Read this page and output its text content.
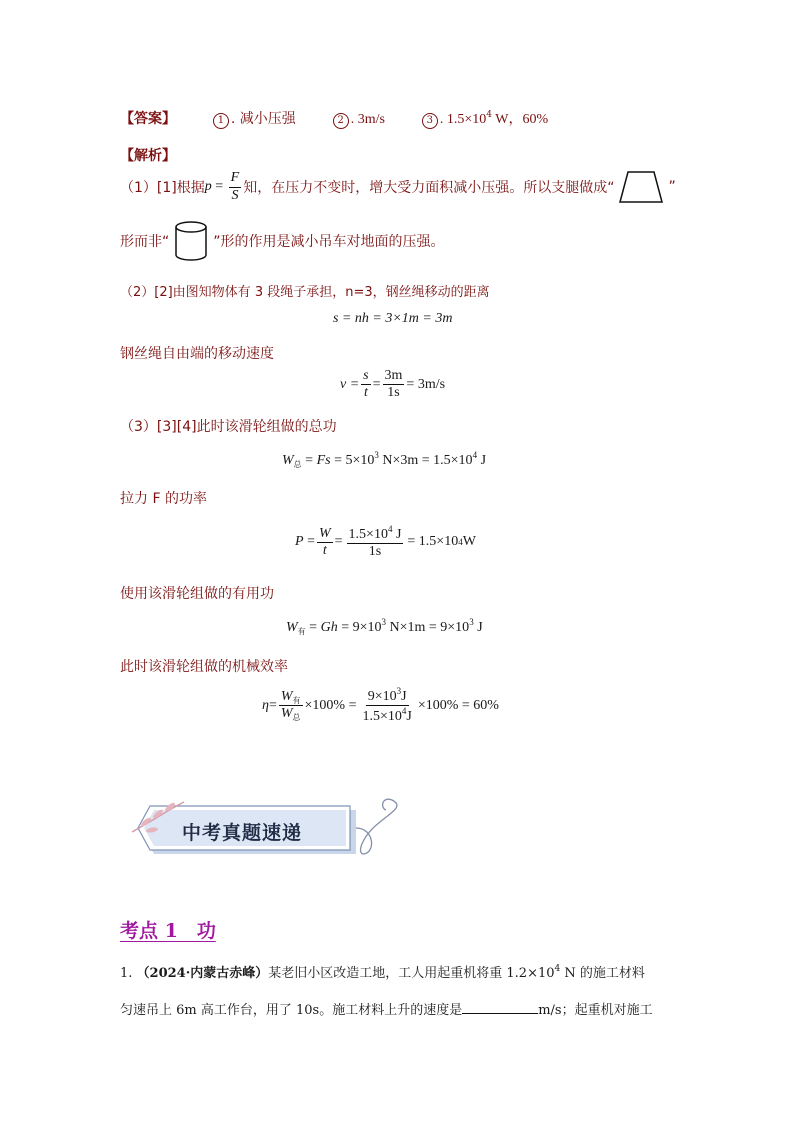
【答案】	1 . 减小压强	2 . 3m/s	3 . $1.5\times 10^4$ W，60%
【解析】
（1）[1]根据 $p = \frac{F}{S}$ 知，在压力不变时，增大受力面积减小压强。所以支腿做成“	”
形而非“	”形的作用是减小吊车对地面的压强。
（2）[2]由图知物体有 3 段绳子承担，n=3，钢丝绳移动的距离
s = nh = 3×1m = 3m
钢丝绳自由端的移动速度
$v = \frac{s}{t} = \frac{3m}{1s} = 3m/s$
（3）[3][4]此时该滑轮组做的总功
$W_总 = Fs = 5\times 10^3$ $N\times 3m = 1.5\times 10^4$ J
拉力 F 的功率
$P = \frac{W}{t} = \frac{1.5\times 10^4 J}{1s} = 1.5\times 10$ 4 W
使用该滑轮组做的有用功
$W_有 = Gh = 9\times 10^3$ $N\times 1m = 9\times 10^3$ J
此时该滑轮组做的机械效率
$\eta = \frac{W_有}{W_总} \times 100\% = \frac{9\times 10^3J}{1.5\times 10^4J} \times 100\% = 60\%$
中考真题速递
考点 1　功
1. （2024·内蒙古赤峰）某老旧小区改造工地，工人用起重机将重 $1.2\times 10^4$ N 的施工材料
匀速吊上 6m 高工作台，用了 10s。施工材料上升的速度是	m/s；起重机对施工
